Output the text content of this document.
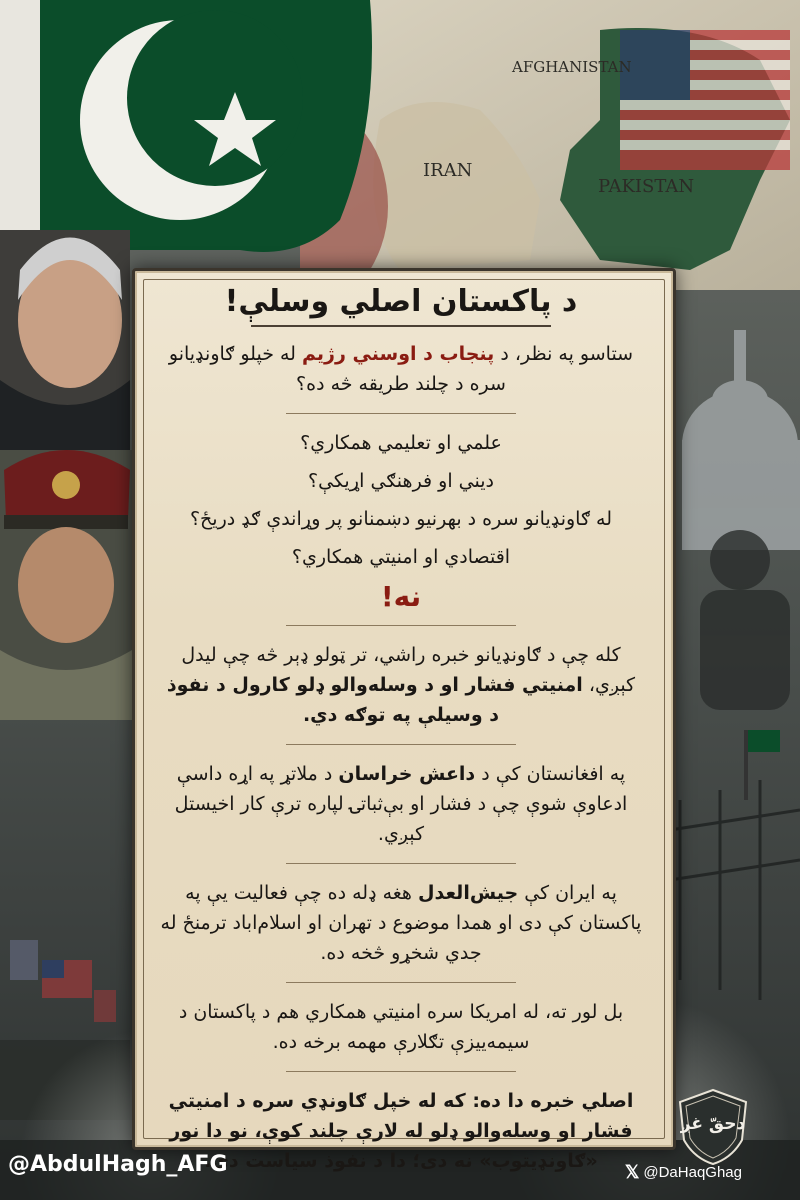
AFGHANISTAN
IRAN
PAKISTAN
د پاکستان اصلي وسلې!

ستاسو په نظر، د پنجاب د اوسني رژیم له خپلو ګاونډیانو سره د چلند طریقه څه ده؟

علمي او تعلیمي همکاري؟
دیني او فرهنګي اړیکې؟
له ګاونډیانو سره د بهرنیو دښمنانو پر وړاندې ګډ دریځ؟
اقتصادي او امنیتي همکاري؟
نه!

کله چې د ګاونډیانو خبره راشي، تر ټولو ډېر څه چې لیدل کېږي، امنیتي فشار او د وسله‌والو ډلو کارول د نفوذ د وسیلې په توګه دي.

په افغانستان کې د داعش خراسان د ملاتړ په اړه داسې ادعاوې شوې چې د فشار او بې‌ثباتۍ لپاره ترې کار اخیستل کېږي.

په ایران کې جیش‌العدل هغه ډله ده چې فعالیت یې په پاکستان کې دی او همدا موضوع د تهران او اسلام‌اباد ترمنځ له جدي شخړو څخه ده.

بل لور ته، له امریکا سره امنیتي همکاري هم د پاکستان د سیمه‌ییزې تګلارې مهمه برخه ده.

اصلي خبره دا ده: که له خپل ګاونډي سره د امنیتي فشار او وسله‌والو ډلو له لارې چلند کوې، نو دا نور «ګاونډیتوب» نه دی؛ دا د نفوذ سیاست دی.

@AbdulHagh_AFG	𝕏 @DaHaqGhag
دحقّ غږ
